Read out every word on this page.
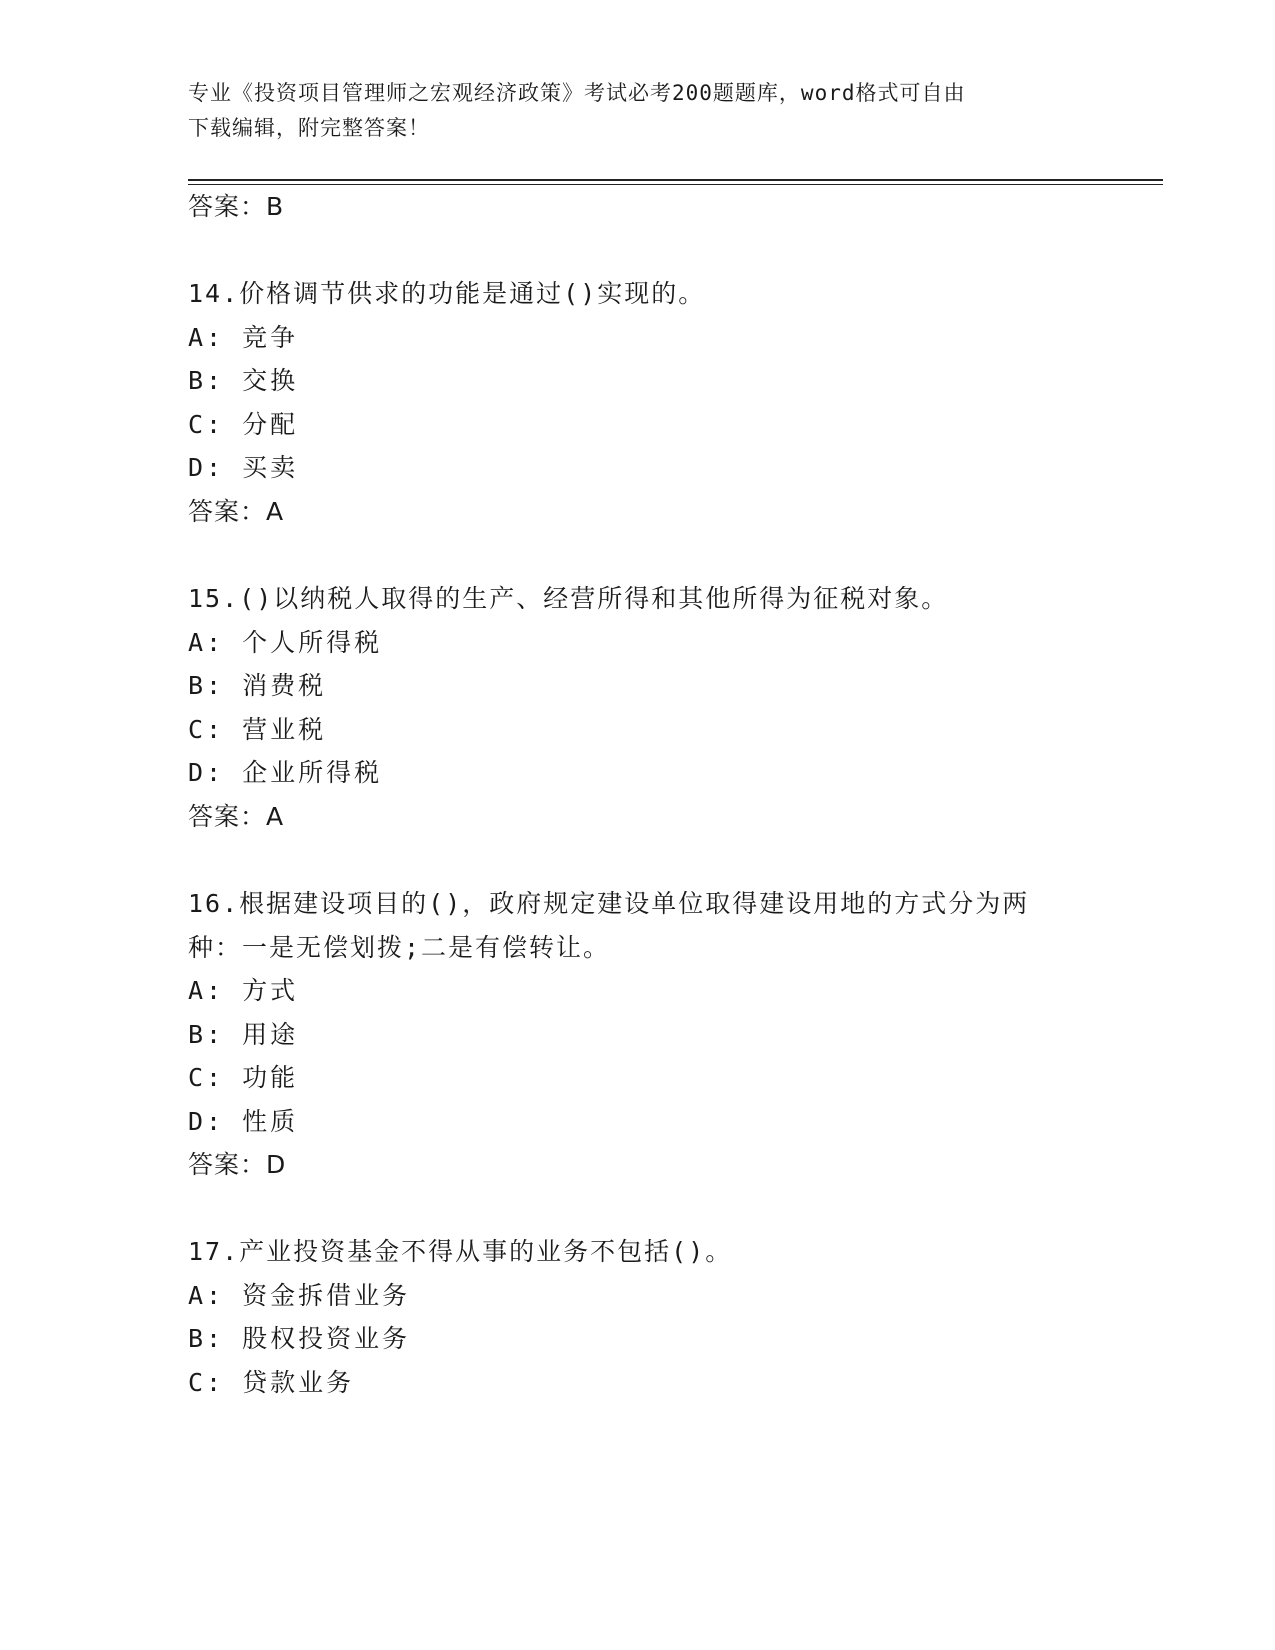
专业《投资项目管理师之宏观经济政策》考试必考200题题库，word格式可自由
下载编辑，附完整答案！
答案：B
14.价格调节供求的功能是通过()实现的。
A: 竞争
B: 交换
C: 分配
D: 买卖
答案：A
15.()以纳税人取得的生产、经营所得和其他所得为征税对象。
A: 个人所得税
B: 消费税
C: 营业税
D: 企业所得税
答案：A
16.根据建设项目的()，政府规定建设单位取得建设用地的方式分为两
种：一是无偿划拨;二是有偿转让。
A: 方式
B: 用途
C: 功能
D: 性质
答案：D
17.产业投资基金不得从事的业务不包括()。
A: 资金拆借业务
B: 股权投资业务
C: 贷款业务
